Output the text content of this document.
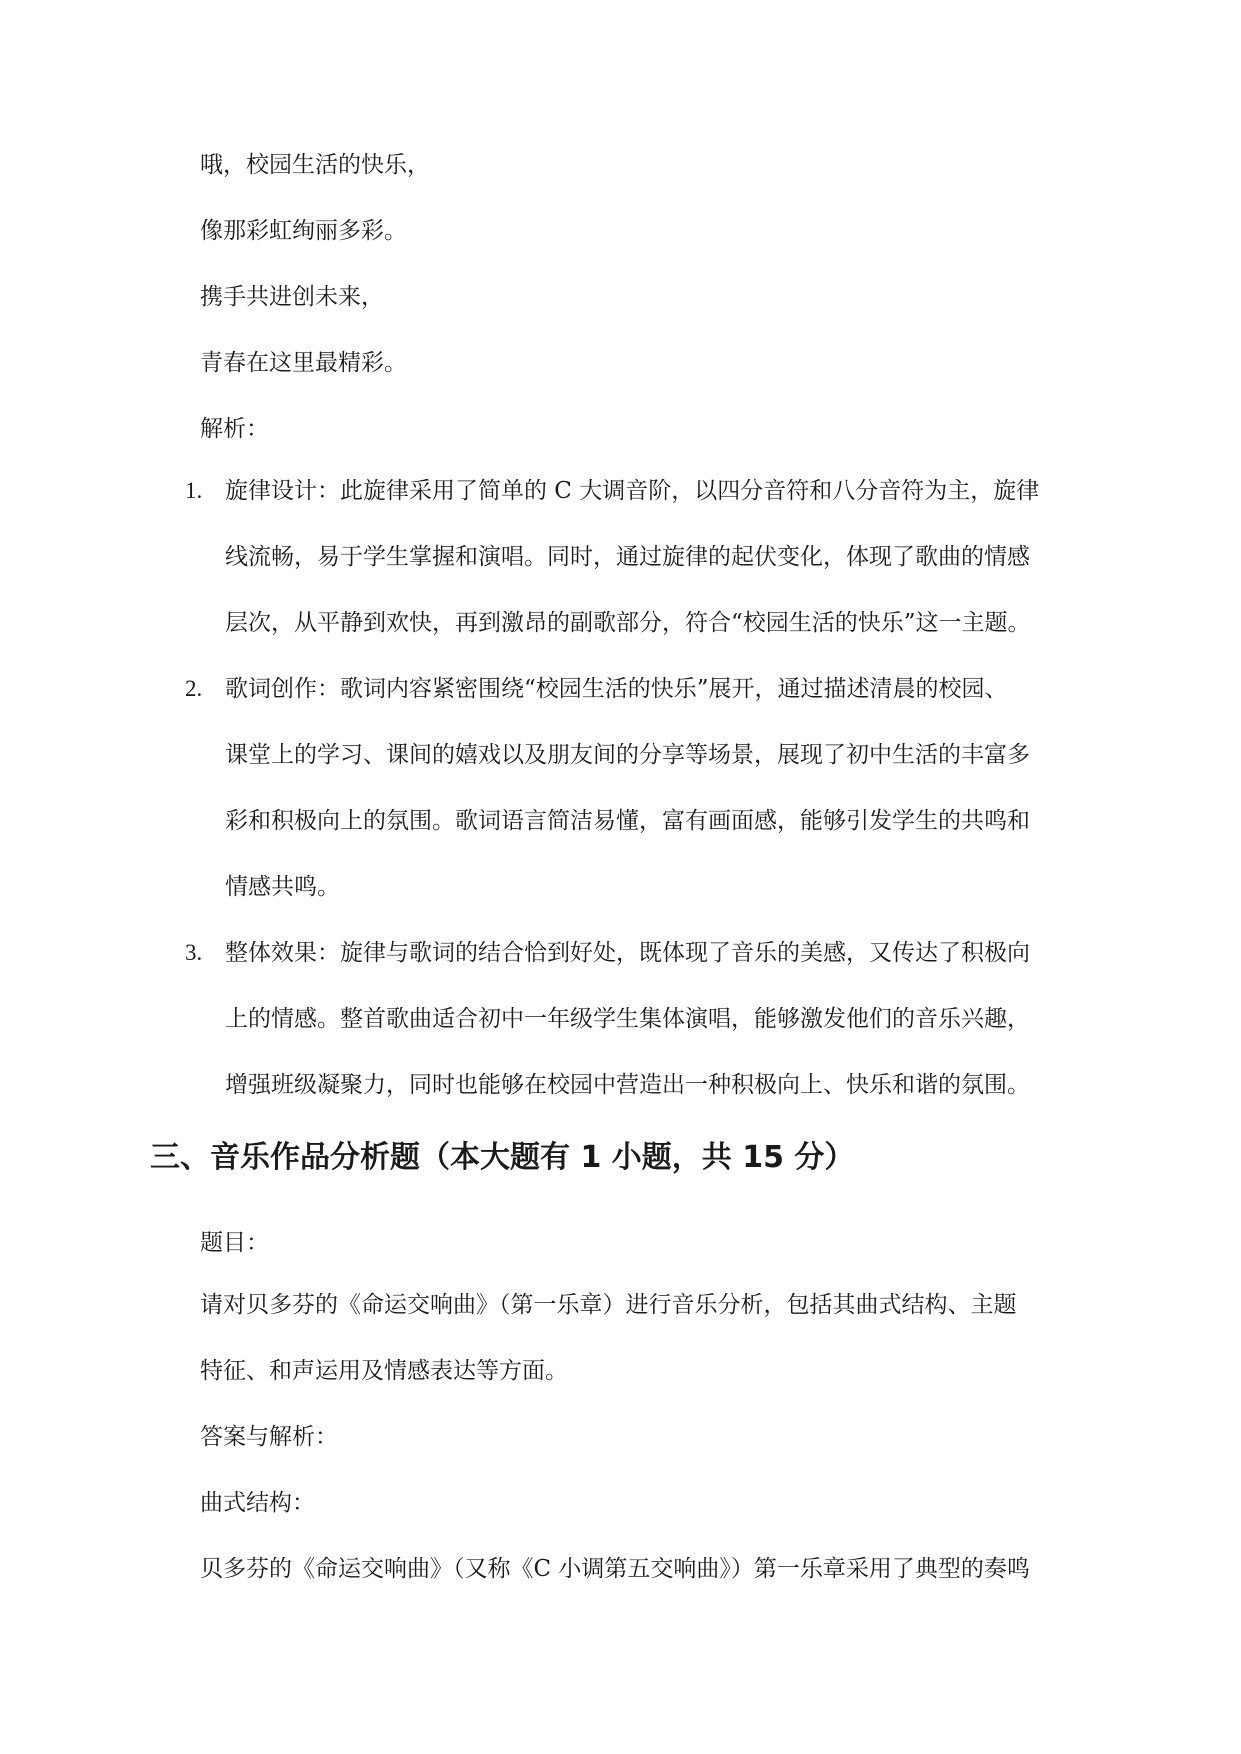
哦，校园生活的快乐，
像那彩虹绚丽多彩。
携手共进创未来，
青春在这里最精彩。
解析：
1. 旋律设计：此旋律采用了简单的 C 大调音阶，以四分音符和八分音符为主，旋律
线流畅，易于学生掌握和演唱。同时，通过旋律的起伏变化，体现了歌曲的情感
层次，从平静到欢快，再到激昂的副歌部分，符合“校园生活的快乐”这一主题。
2. 歌词创作：歌词内容紧密围绕“校园生活的快乐”展开，通过描述清晨的校园、
课堂上的学习、课间的嬉戏以及朋友间的分享等场景，展现了初中生活的丰富多
彩和积极向上的氛围。歌词语言简洁易懂，富有画面感，能够引发学生的共鸣和
情感共鸣。
3. 整体效果：旋律与歌词的结合恰到好处，既体现了音乐的美感，又传达了积极向
上的情感。整首歌曲适合初中一年级学生集体演唱，能够激发他们的音乐兴趣，
增强班级凝聚力，同时也能够在校园中营造出一种积极向上、快乐和谐的氛围。
三、音乐作品分析题（本大题有 1 小题，共 15 分）
题目：
请对贝多芬的《命运交响曲》（第一乐章）进行音乐分析，包括其曲式结构、主题
特征、和声运用及情感表达等方面。
答案与解析：
曲式结构：
贝多芬的《命运交响曲》（又称《C 小调第五交响曲》）第一乐章采用了典型的奏鸣
